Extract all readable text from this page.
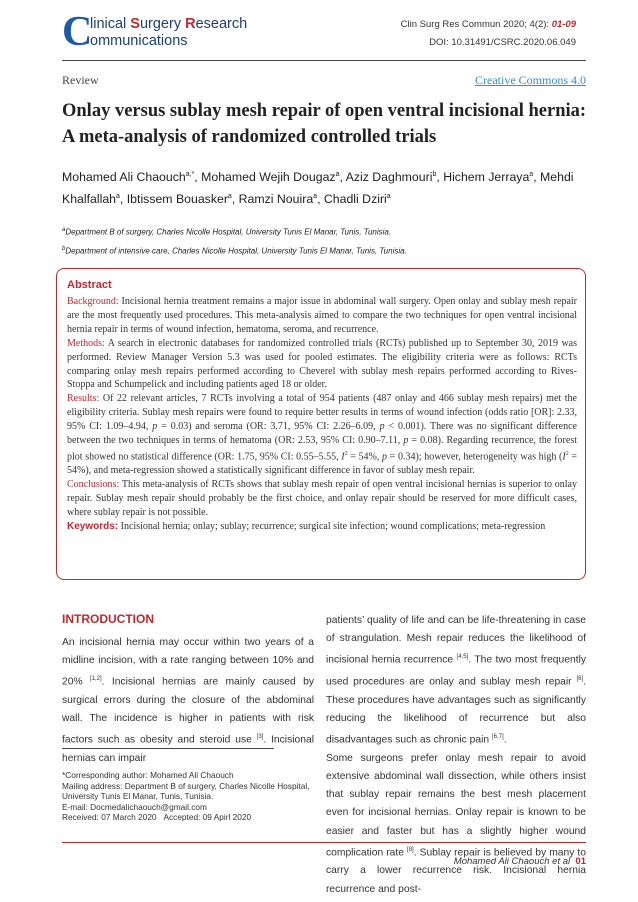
C
linical Surgery Research
ommunications
Clin Surg Res Commun 2020; 4(2): 01-09
DOI: 10.31491/CSRC.2020.06.049
Review	Creative Commons 4.0
Onlay versus sublay mesh repair of open ventral incisional hernia: A meta-analysis of randomized controlled trials
Mohamed Ali Chaouch$^{a,*}$, Mohamed Wejih Dougaz$^a$, Aziz Daghmouri$^b$, Hichem Jerraya$^a$, Mehdi Khalfallah$^a$, Ibtissem Bouasker$^a$, Ramzi Nouira$^a$, Chadli Dziri$^a$
$^a$Department B of surgery, Charles Nicolle Hospital, University Tunis El Manar, Tunis, Tunisia.
$^b$Department of intensive care, Charles Nicolle Hospital, University Tunis El Manar, Tunis, Tunisia.
Abstract

Background: Incisional hernia treatment remains a major issue in abdominal wall surgery. Open onlay and sublay mesh repair are the most frequently used procedures. This meta-analysis aimed to compare the two techniques for open ventral incisional hernia repair in terms of wound infection, hematoma, seroma, and recurrence.

Methods: A search in electronic databases for randomized controlled trials (RCTs) published up to September 30, 2019 was performed. Review Manager Version 5.3 was used for pooled estimates. The eligibility criteria were as follows: RCTs comparing onlay mesh repairs performed according to Cheverel with sublay mesh repairs performed according to Rives-Stoppa and Schumpelick and including patients aged 18 or older.

Results: Of 22 relevant articles, 7 RCTs involving a total of 954 patients (487 onlay and 466 sublay mesh repairs) met the eligibility criteria. Sublay mesh repairs were found to require better results in terms of wound infection (odds ratio [OR]: 2.33, 95% CI: 1.09–4.94, p = 0.03) and seroma (OR: 3.71, 95% CI: 2.26–6.09, p < 0.001). There was no significant difference between the two techniques in terms of hematoma (OR: 2.53, 95% CI: 0.90–7.11, p = 0.08). Regarding recurrence, the forest plot showed no statistical difference (OR: 1.75, 95% CI: 0.55–5.55, $I^2 = 54\%$, p = 0.34); however, heterogeneity was high $(I^2 = 54\%)$, and meta-regression showed a statistically significant difference in favor of sublay mesh repair.

Conclusions: This meta-analysis of RCTs shows that sublay mesh repair of open ventral incisional hernias is superior to onlay repair. Sublay mesh repair should probably be the first choice, and onlay repair should be reserved for more difficult cases, where sublay repair is not possible.

Keywords: Incisional hernia; onlay; sublay; recurrence; surgical site infection; wound complications; meta-regression

INTRODUCTION
An incisional hernia may occur within two years of a midline incision, with a rate ranging between 10% and 20% [1,2]. Incisional hernias are mainly caused by surgical errors during the closure of the abdominal wall. The incidence is higher in patients with risk factors such as obesity and steroid use [3]. Incisional hernias can impair
patients’ quality of life and can be life-threatening in case of strangulation. Mesh repair reduces the likelihood of incisional hernia recurrence [4,5]. The two most frequently used procedures are onlay and sublay mesh repair [6]. These procedures have advantages such as significantly reducing the likelihood of recurrence but also disadvantages such as chronic pain [6,7].
Some surgeons prefer onlay mesh repair to avoid extensive abdominal wall dissection, while others insist that sublay repair remains the best mesh placement even for incisional hernias. Onlay repair is known to be easier and faster but has a slightly higher wound complication rate [8]. Sublay repair is believed by many to carry a lower recurrence risk. Incisional hernia recurrence and post-
*Corresponding author: Mohamed Ali Chaouch
Mailing address: Department B of surgery, Charles Nicolle Hospital, University Tunis El Manar, Tunis, Tunisia.
E-mail: Docmedalichaouch@gmail.com
Received: 07 March 2020 Accepted: 09 Apirl 2020
Mohamed Ali Chaouch et al 01
